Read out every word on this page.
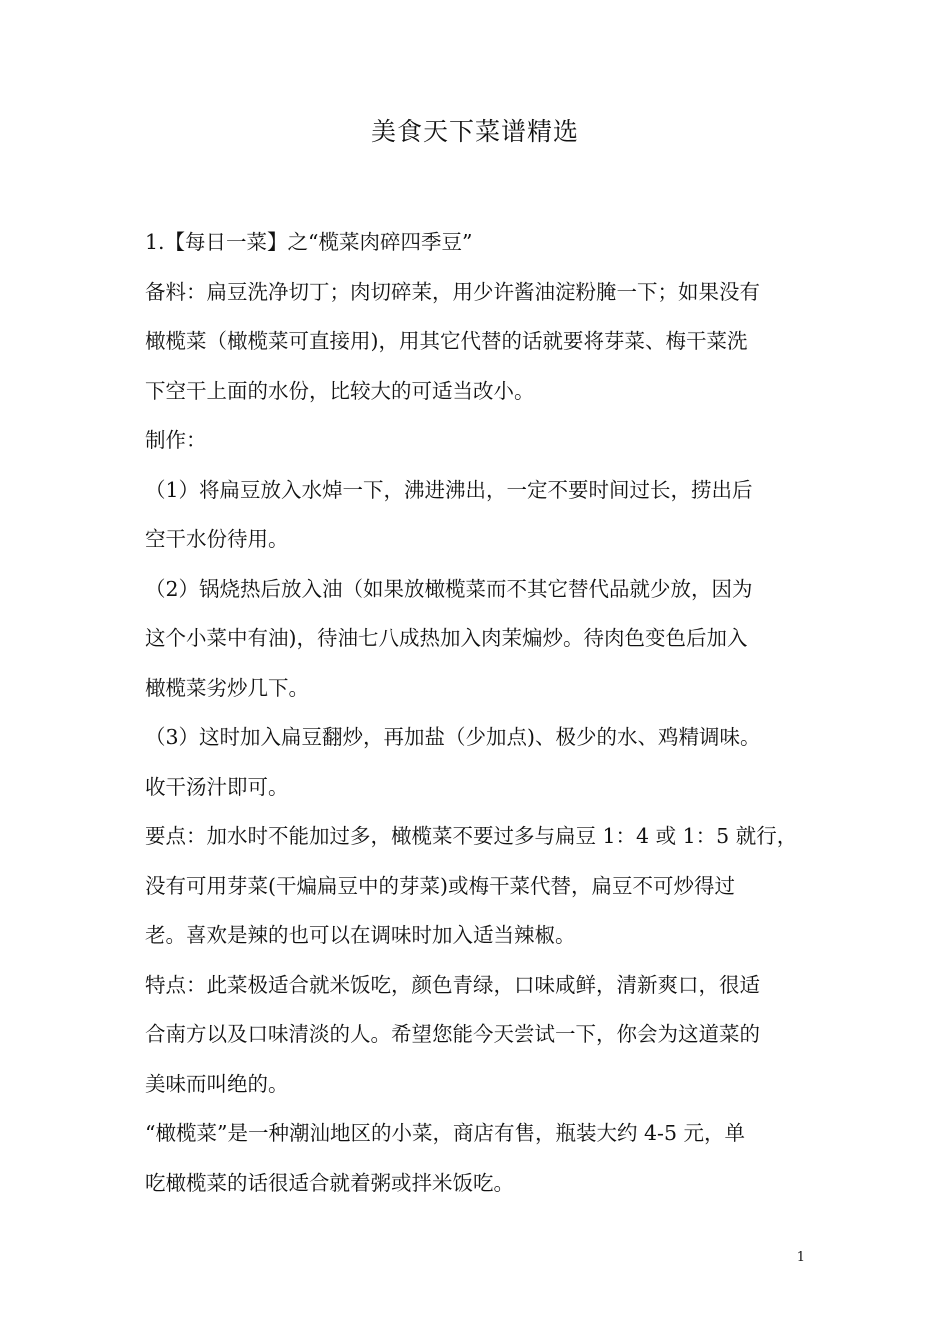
美食天下菜谱精选
1.【每日一菜】之“榄菜肉碎四季豆”
备料：扁豆洗净切丁；肉切碎茉，用少许酱油淀粉腌一下；如果没有
橄榄菜（橄榄菜可直接用)，用其它代替的话就要将芽菜、梅干菜洗
下空干上面的水份，比较大的可适当改小。
制作：
（1）将扁豆放入水焯一下，沸进沸出，一定不要时间过长，捞出后
空干水份待用。
（2）锅烧热后放入油（如果放橄榄菜而不其它替代品就少放，因为
这个小菜中有油)，待油七八成热加入肉茉煸炒。待肉色变色后加入
橄榄菜劣炒几下。
（3）这时加入扁豆翻炒，再加盐（少加点)、极少的水、鸡精调味。
收干汤汁即可。
要点：加水时不能加过多，橄榄菜不要过多与扁豆 1：4 或 1：5 就行，
没有可用芽菜(干煸扁豆中的芽菜)或梅干菜代替，扁豆不可炒得过
老。喜欢是辣的也可以在调味时加入适当辣椒。
特点：此菜极适合就米饭吃，颜色青绿，口味咸鲜，清新爽口，很适
合南方以及口味清淡的人。希望您能今天尝试一下，你会为这道菜的
美味而叫绝的。
“橄榄菜”是一种潮汕地区的小菜，商店有售，瓶装大约 4-5 元，单
吃橄榄菜的话很适合就着粥或拌米饭吃。
1
